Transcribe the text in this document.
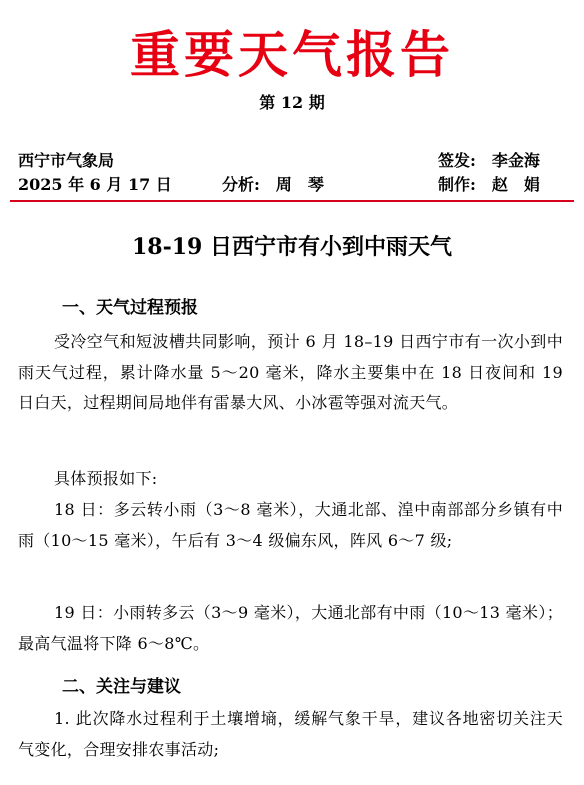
重要天气报告
第 12 期
西宁市气象局
2025 年 6 月 17 日	分析:　周　琴
签发:　李金海
制作:　赵　娟
18-19 日西宁市有小到中雨天气
一、天气过程预报
受冷空气和短波槽共同影响，预计 6 月 18–19 日西宁市有一次小到中雨天气过程，累计降水量 5～20 毫米，降水主要集中在 18 日夜间和 19 日白天，过程期间局地伴有雷暴大风、小冰雹等强对流天气。
具体预报如下:
18 日：多云转小雨（3～8 毫米），大通北部、湟中南部部分乡镇有中雨（10～15 毫米），午后有 3～4 级偏东风，阵风 6～7 级;
19 日：小雨转多云（3～9 毫米），大通北部有中雨（10～13 毫米）；最高气温将下降 6～8℃。
二、关注与建议
1. 此次降水过程利于土壤增墒，缓解气象干旱，建议各地密切关注天气变化，合理安排农事活动;
